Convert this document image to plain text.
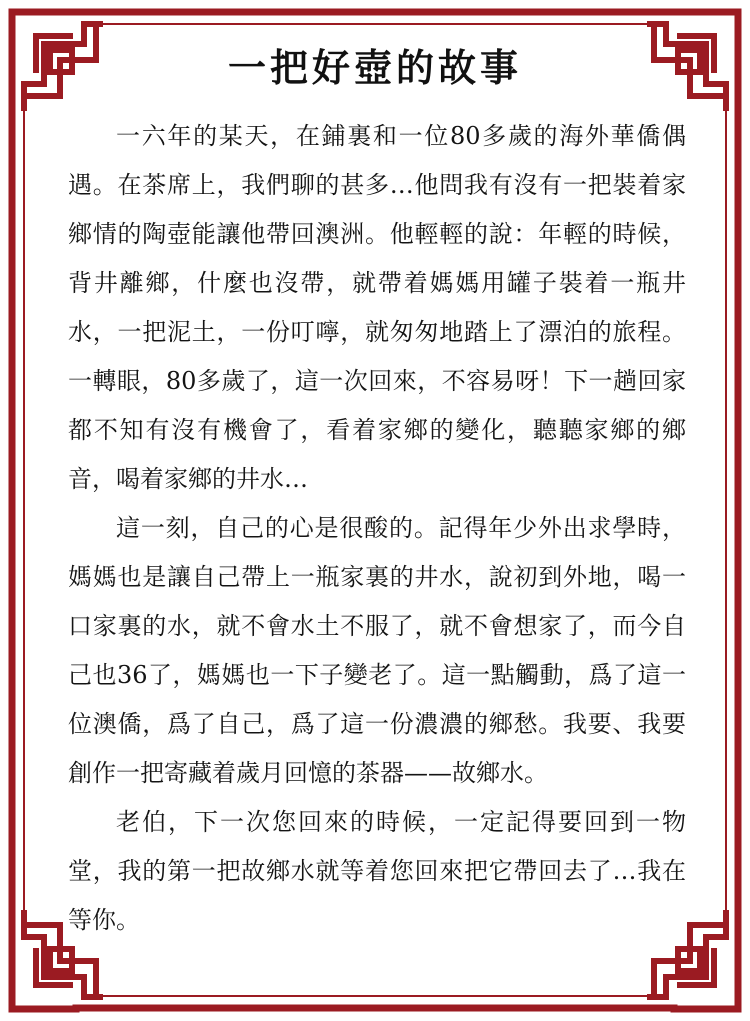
一把好壺的故事

一六年的某天，在鋪裏和一位80多歲的海外華僑偶遇。在茶席上，我們聊的甚多…他問我有沒有一把裝着家鄉情的陶壺能讓他帶回澳洲。他輕輕的說：年輕的時候，背井離鄉，什麼也沒帶，就帶着媽媽用罐子裝着一瓶井水，一把泥土，一份叮嚀，就匆匆地踏上了漂泊的旅程。一轉眼，80多歲了，這一次回來，不容易呀！下一趟回家都不知有沒有機會了，看着家鄉的變化，聽聽家鄉的鄉音，喝着家鄉的井水…

這一刻，自己的心是很酸的。記得年少外出求學時，媽媽也是讓自己帶上一瓶家裏的井水，說初到外地，喝一口家裏的水，就不會水土不服了，就不會想家了，而今自己也36了，媽媽也一下子變老了。這一點觸動，爲了這一位澳僑，爲了自己，爲了這一份濃濃的鄉愁。我要、我要創作一把寄藏着歲月回憶的茶器——故鄉水。

老伯，下一次您回來的時候，一定記得要回到一物堂，我的第一把故鄉水就等着您回來把它帶回去了…我在等你。
